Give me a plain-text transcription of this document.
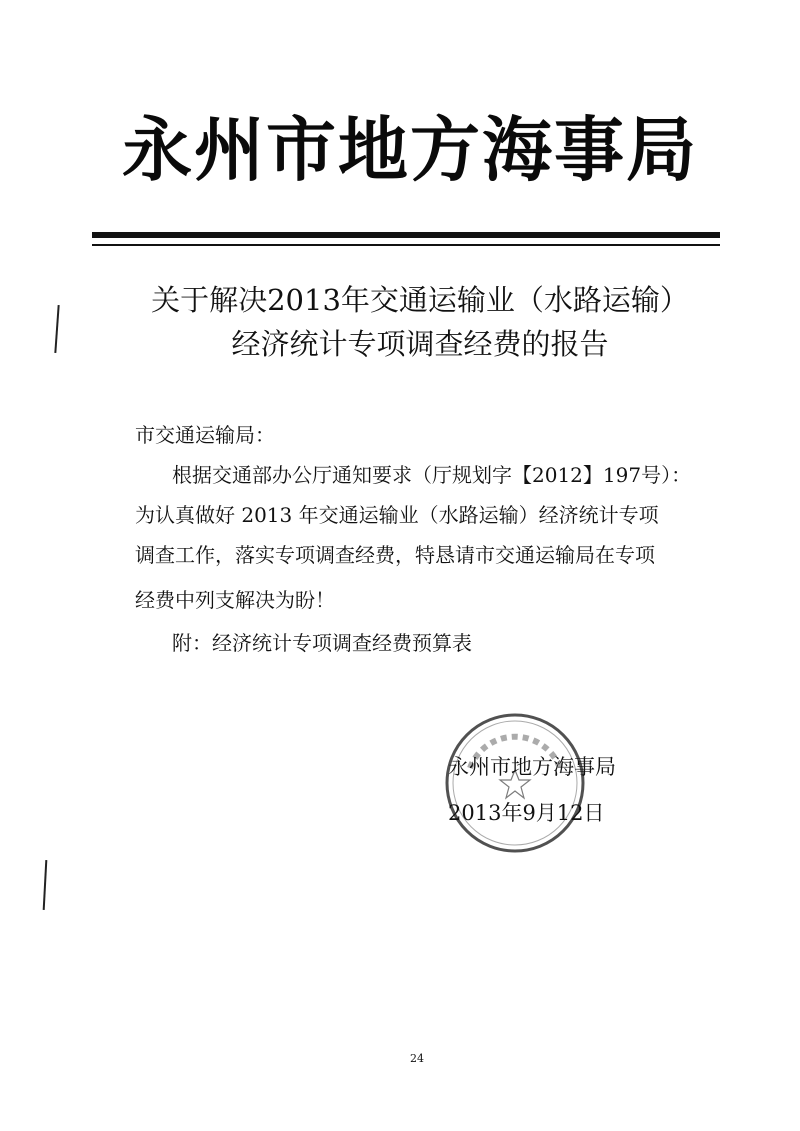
永州市地方海事局
关于解决2013年交通运输业（水路运输）
经济统计专项调查经费的报告
市交通运输局：
根据交通部办公厅通知要求（厅规划字【2012】197号）：
为认真做好 2013 年交通运输业（水路运输）经济统计专项
调查工作，落实专项调查经费，特恳请市交通运输局在专项
经费中列支解决为盼！
附：经济统计专项调查经费预算表
永州市地方海事局
2013年9月12日
24
